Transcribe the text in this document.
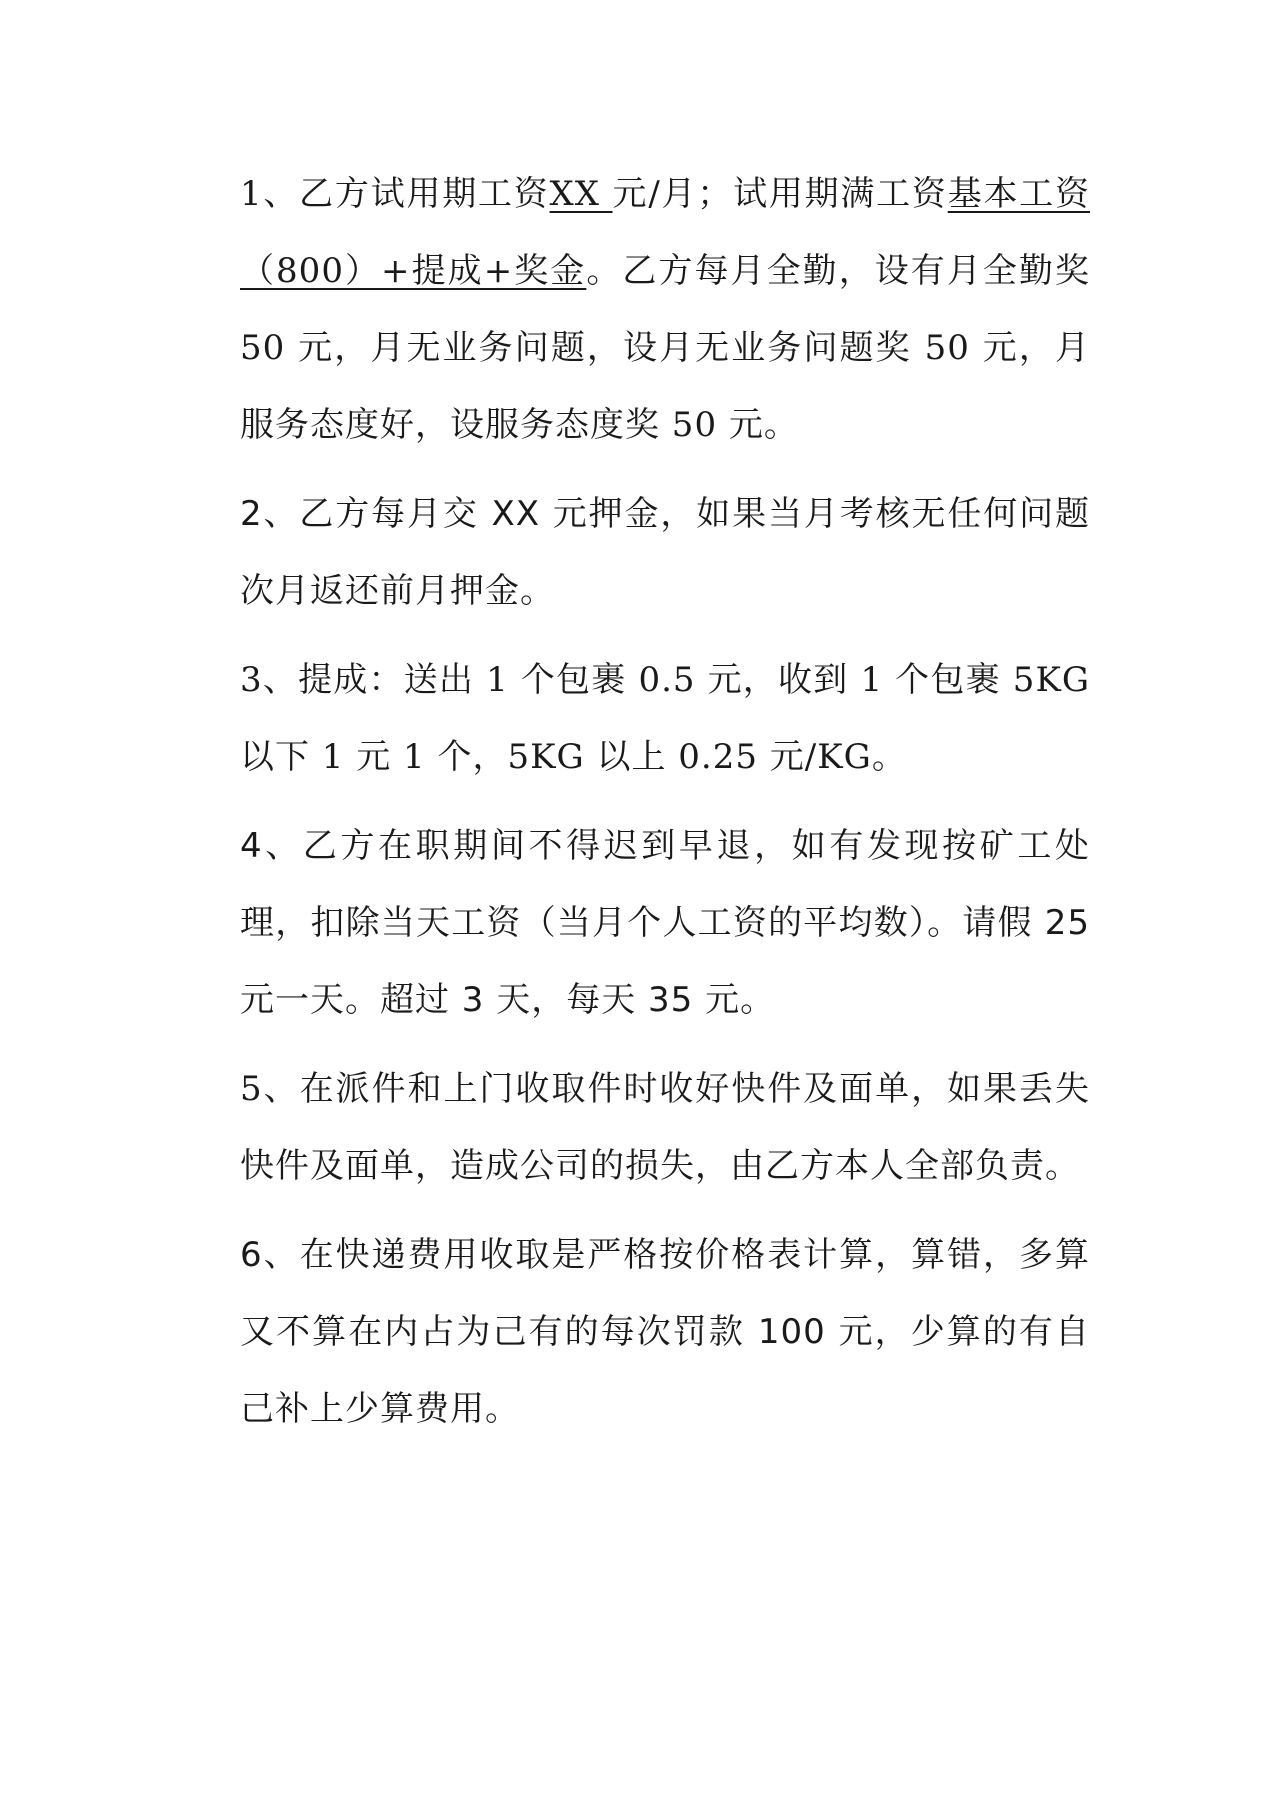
1、乙方试用期工资XX 元/月；试用期满工资基本工资（800）+提成+奖金。乙方每月全勤，设有月全勤奖 50 元，月无业务问题，设月无业务问题奖 50 元，月服务态度好，设服务态度奖 50 元。

2、乙方每月交 XX 元押金，如果当月考核无任何问题次月返还前月押金。

3、提成：送出 1 个包裹 0.5 元，收到 1 个包裹 5KG 以下 1 元 1 个，5KG 以上 0.25 元/KG。

4、乙方在职期间不得迟到早退，如有发现按矿工处理，扣除当天工资（当月个人工资的平均数）。请假 25 元一天。超过 3 天，每天 35 元。

5、在派件和上门收取件时收好快件及面单，如果丢失快件及面单，造成公司的损失，由乙方本人全部负责。

6、在快递费用收取是严格按价格表计算，算错，多算又不算在内占为己有的每次罚款 100 元，少算的有自己补上少算费用。
